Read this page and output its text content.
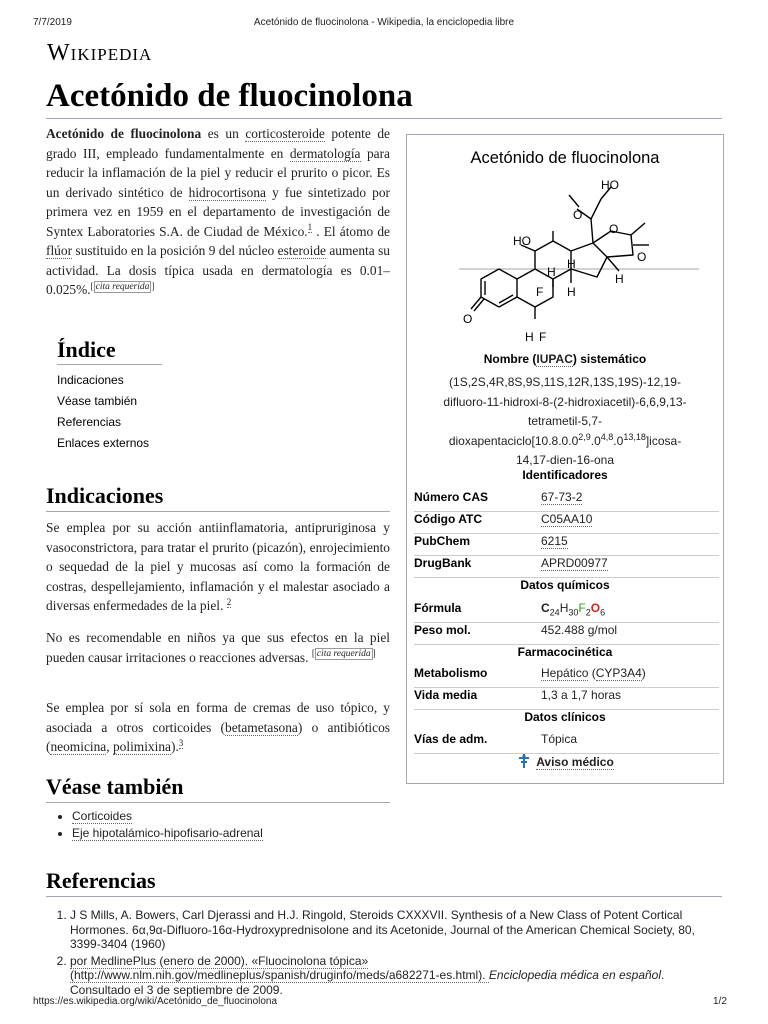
7/7/2019	Acetónido de fluocinolona - Wikipedia, la enciclopedia libre
Wikipedia
Acetónido de fluocinolona
Acetónido de fluocinolona es un corticosteroide potente de grado III, empleado fundamentalmente en dermatología para reducir la inflamación de la piel y reducir el prurito o picor. Es un derivado sintético de hidrocortisona y fue sintetizado por primera vez en 1959 en el departamento de investigación de Syntex Laboratories S.A. de Ciudad de México.$^1$ . El átomo de flúor sustituido en la posición 9 del núcleo esteroide aumenta su actividad. La dosis típica usada en dermatología es 0.01–0.025%.[ cita requerida ]
Índice
Indicaciones
Véase también
Referencias
Enlaces externos
Indicaciones
Se emplea por su acción antiinflamatoria, antipruriginosa y vasoconstrictora, para tratar el prurito (picazón), enrojecimiento o sequedad de la piel y mucosas así como la formación de costras, despellejamiento, inflamación y el malestar asociado a diversas enfermedades de la piel. $^2$
No es recomendable en niños ya que sus efectos en la piel pueden causar irritaciones o reacciones adversas. [ cita requerida ]
Se emplea por sí sola en forma de cremas de uso tópico, y asociada a otros corticoides (betametasona) o antibióticos (neomicina, polimixina).$^3$
Véase también
• Corticoides
• Eje hipotalámico-hipofisario-adrenal
Referencias
1. J S Mills, A. Bowers, Carl Djerassi and H.J. Ringold, Steroids CXXXVII. Synthesis of a New Class of Potent Cortical Hormones. 6α,9α-Difluoro-16α-Hydroxyprednisolone and its Acetonide, Journal of the American Chemical Society, 80, 3399-3404 (1960)
2. por MedlinePlus (enero de 2000). «Fluocinolona tópica» (http://www.nlm.nih.gov/medlineplus/spanish/druginfo/meds/a682271-es.html). Enciclopedia médica en español. Consultado el 3 de septiembre de 2009.
https://es.wikipedia.org/wiki/Acetónido_de_fluocinolona	1/2
Acetónido de fluocinolona
HO
O
O
O
HO
H
H
H
H
F
F
H
O
Nombre (IUPAC) sistemático
(1S,2S,4R,8S,9S,11S,12R,13S,19S)-12,19-
difluoro-11-hidroxi-8-(2-hidroxiacetil)-6,6,9,13-
tetrametil-5,7-
dioxapentaciclo[10.8.0.0$^{2,9}$.0$^{4,8}$.0$^{13,18}$]icosa-
14,17-dien-16-ona
Identificadores
Número CAS	67-73-2
Código ATC	C05AA10
PubChem	6215
DrugBank	APRD00977
Datos químicos
Fórmula	$C_{24}H_{30}F_2O_6$
Peso mol.	452.488 g/mol
Farmacocinética
Metabolismo	Hepático (CYP3A4)
Vida media	1,3 a 1,7 horas
Datos clínicos
Vías de adm.	Tópica
Aviso médico
